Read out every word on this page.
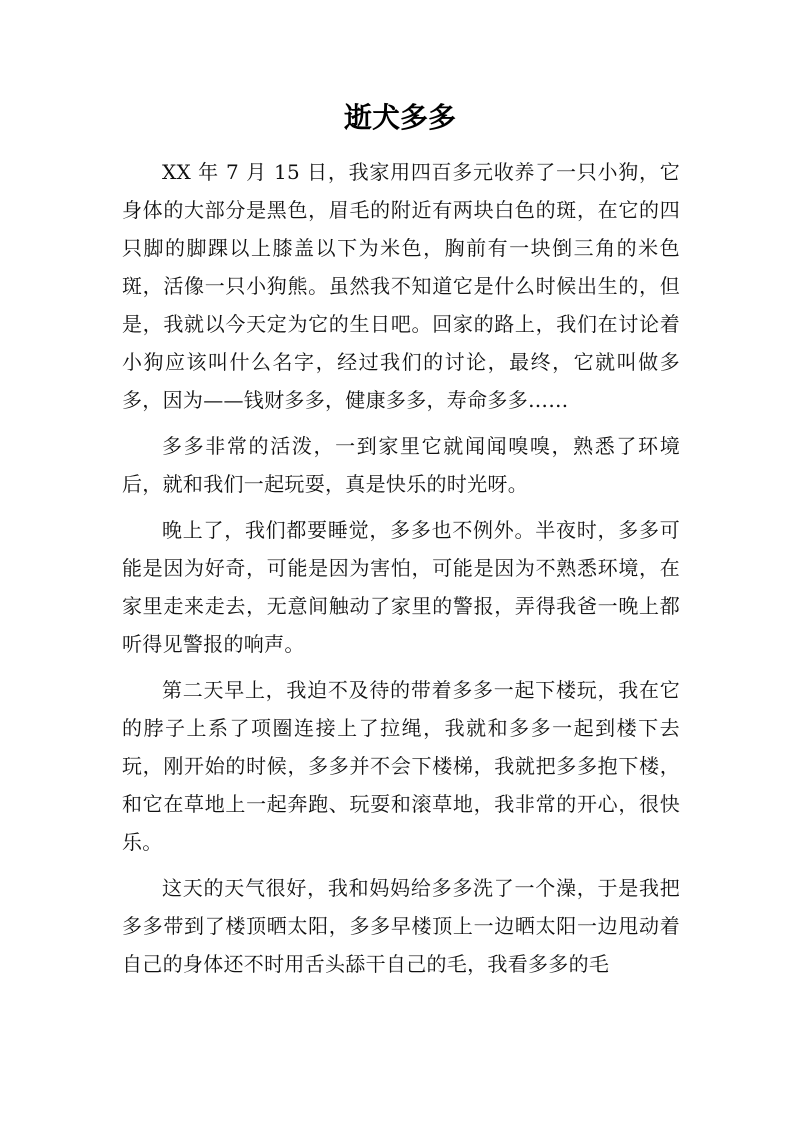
逝犬多多

XX 年 7 月 15 日，我家用四百多元收养了一只小狗，它身体的大部分是黑色，眉毛的附近有两块白色的斑，在它的四只脚的脚踝以上膝盖以下为米色，胸前有一块倒三角的米色斑，活像一只小狗熊。虽然我不知道它是什么时候出生的，但是，我就以今天定为它的生日吧。回家的路上，我们在讨论着小狗应该叫什么名字，经过我们的讨论，最终，它就叫做多多，因为——钱财多多，健康多多，寿命多多……

多多非常的活泼，一到家里它就闻闻嗅嗅，熟悉了环境后，就和我们一起玩耍，真是快乐的时光呀。

晚上了，我们都要睡觉，多多也不例外。半夜时，多多可能是因为好奇，可能是因为害怕，可能是因为不熟悉环境，在家里走来走去，无意间触动了家里的警报，弄得我爸一晚上都听得见警报的响声。

第二天早上，我迫不及待的带着多多一起下楼玩，我在它的脖子上系了项圈连接上了拉绳，我就和多多一起到楼下去玩，刚开始的时候，多多并不会下楼梯，我就把多多抱下楼，和它在草地上一起奔跑、玩耍和滚草地，我非常的开心，很快乐。

这天的天气很好，我和妈妈给多多洗了一个澡，于是我把多多带到了楼顶晒太阳，多多早楼顶上一边晒太阳一边甩动着自己的身体还不时用舌头舔干自己的毛，我看多多的毛
